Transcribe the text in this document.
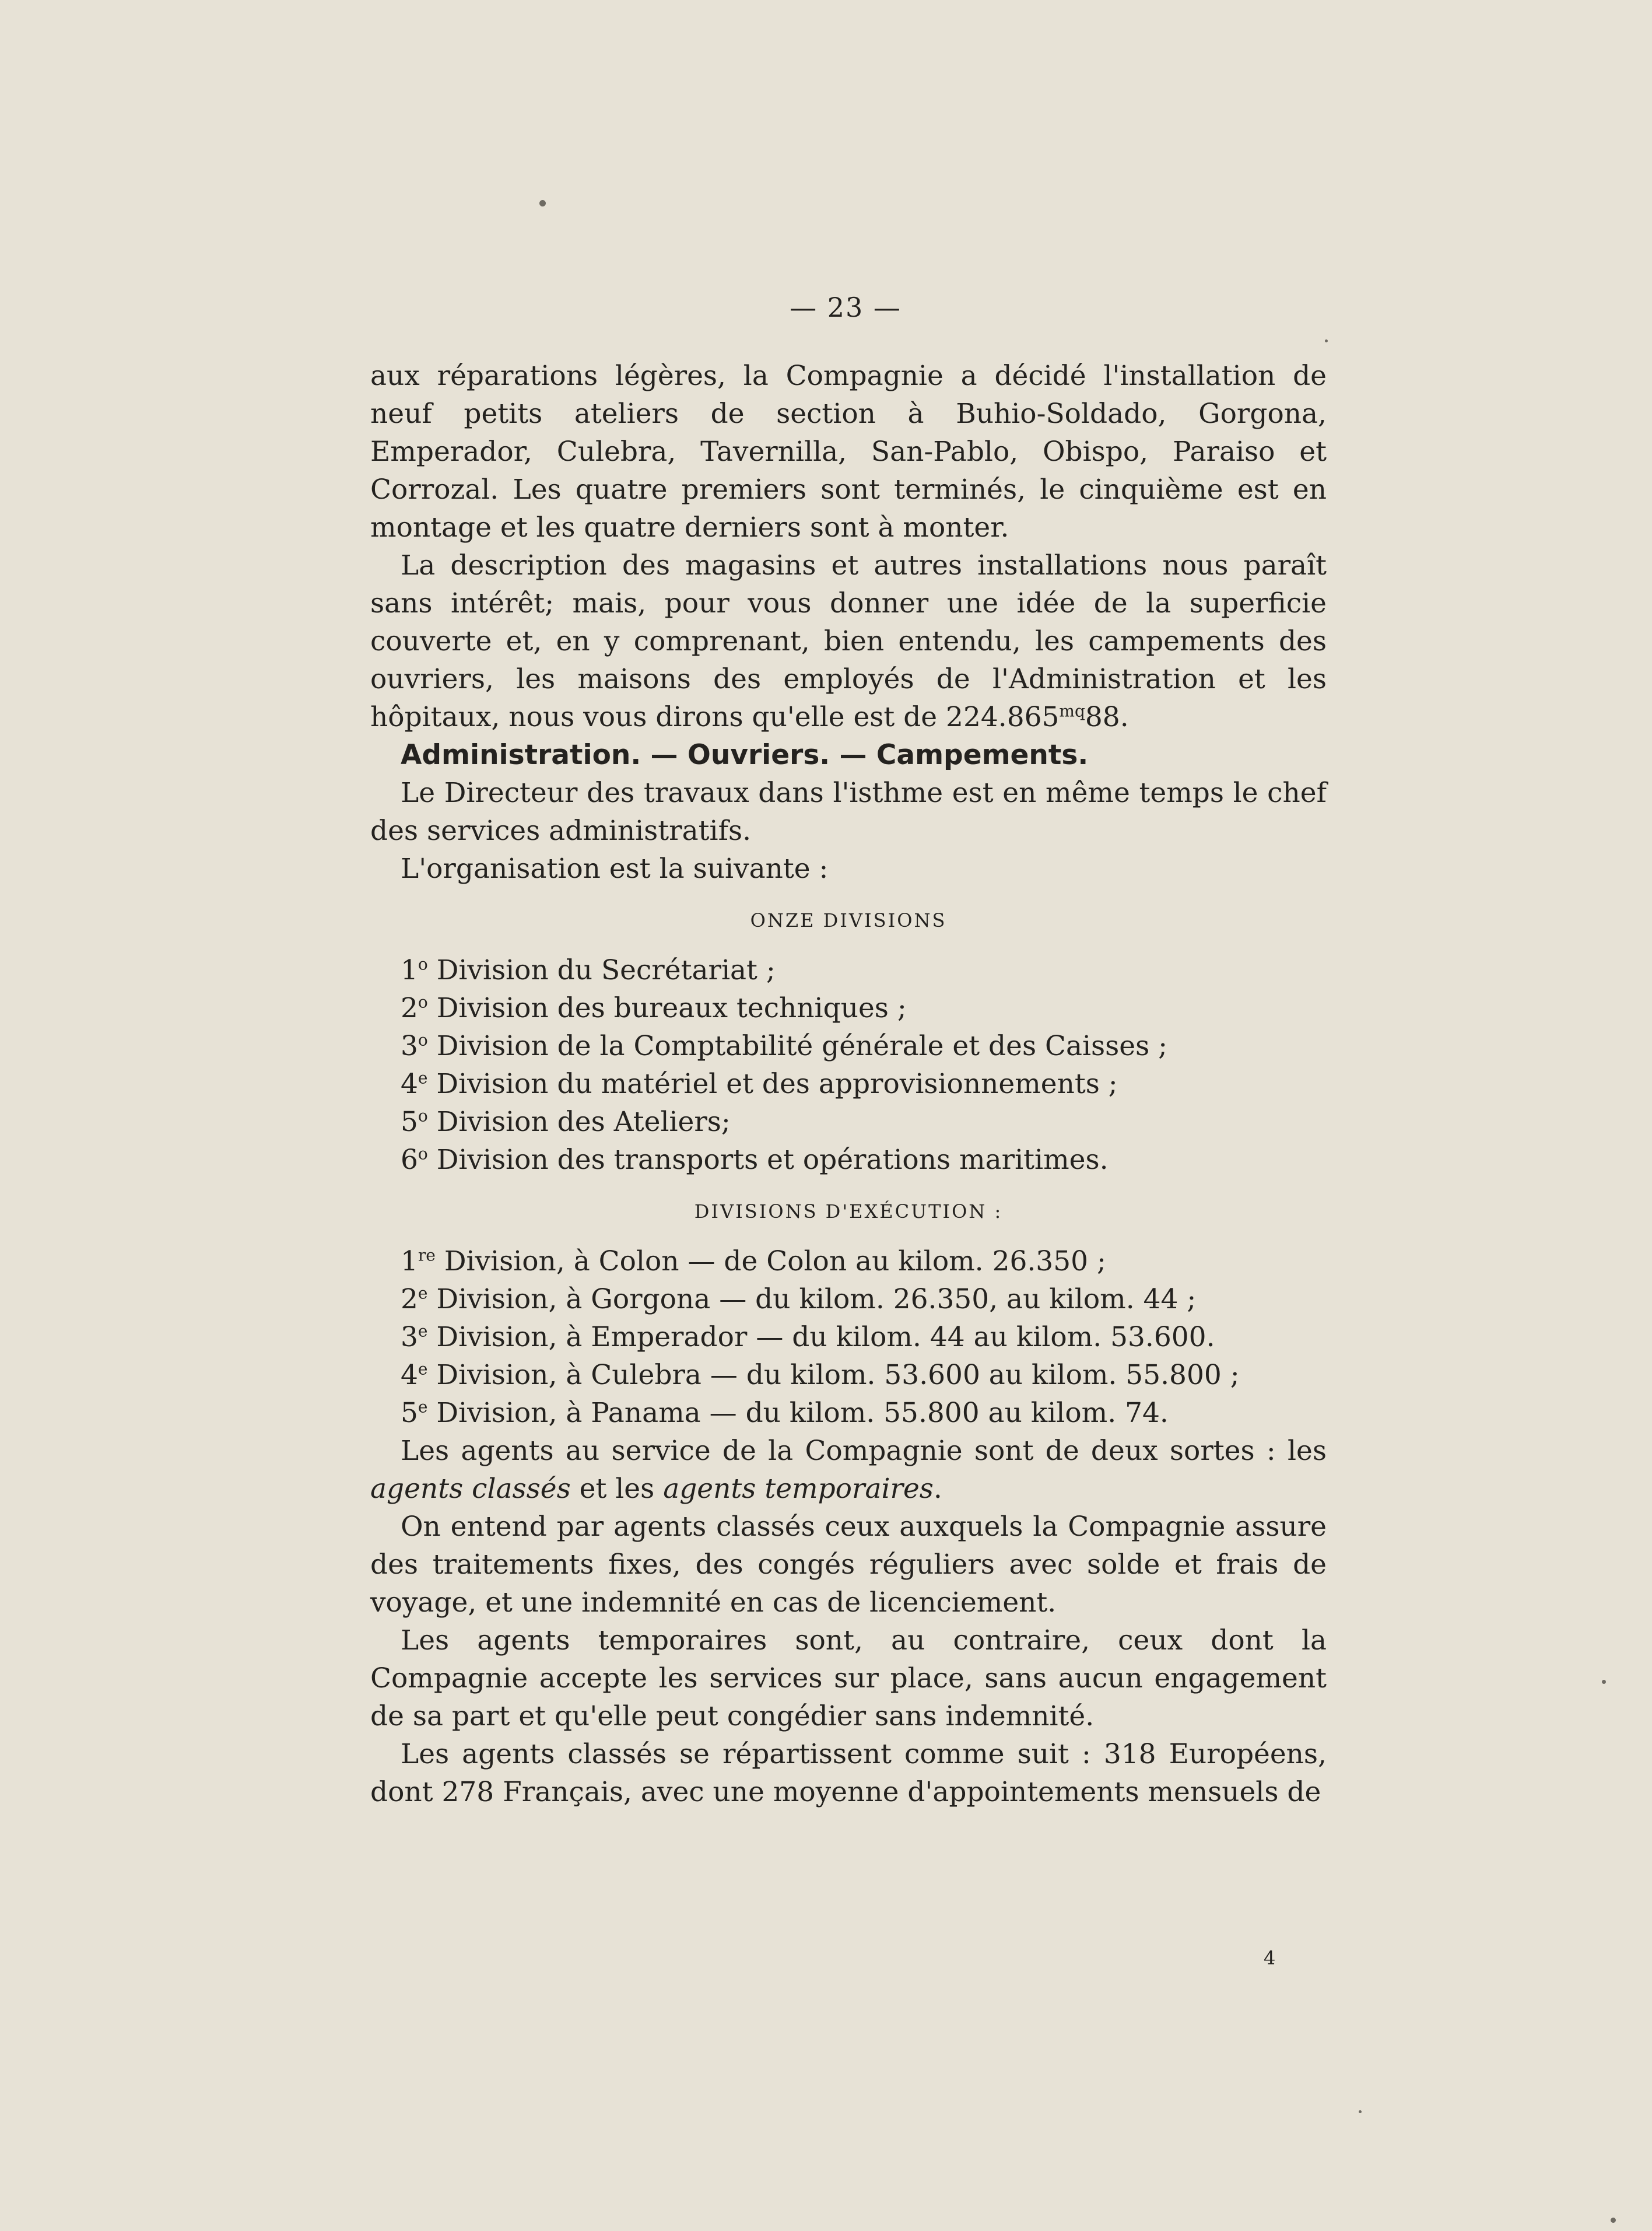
— 23 —

aux réparations légères, la Compagnie a décidé l'installation de neuf petits ateliers de section à Buhio-Soldado, Gorgona, Emperador, Culebra, Tavernilla, San-Pablo, Obispo, Paraiso et Corrozal. Les quatre premiers sont terminés, le cinquième est en montage et les quatre derniers sont à monter.

La description des magasins et autres installations nous paraît sans intérêt; mais, pour vous donner une idée de la superficie couverte et, en y comprenant, bien entendu, les campements des ouvriers, les maisons des employés de l'Administration et les hôpitaux, nous vous dirons qu'elle est de $224.865^{mq}88$.

Administration. — Ouvriers. — Campements.

Le Directeur des travaux dans l'isthme est en même temps le chef des services administratifs.

L'organisation est la suivante :

ONZE DIVISIONS
1$^o$ Division du Secrétariat ;
2$^o$ Division des bureaux techniques ;
3$^o$ Division de la Comptabilité générale et des Caisses ;
4e Division du matériel et des approvisionnements ;
5$^o$ Division des Ateliers;
6$^o$ Division des transports et opérations maritimes.
DIVISIONS D'EXÉCUTION :
1re Division, à Colon — de Colon au kilom. 26.350 ;
2e Division, à Gorgona — du kilom. 26.350, au kilom. 44 ;
3e Division, à Emperador — du kilom. 44 au kilom. 53.600.
4e Division, à Culebra — du kilom. 53.600 au kilom. 55.800 ;
5e Division, à Panama — du kilom. 55.800 au kilom. 74.

Les agents au service de la Compagnie sont de deux sortes : les agents classés et les agents temporaires.

On entend par agents classés ceux auxquels la Compagnie assure des traitements fixes, des congés réguliers avec solde et frais de voyage, et une indemnité en cas de licenciement.

Les agents temporaires sont, au contraire, ceux dont la Compagnie accepte les services sur place, sans aucun engagement de sa part et qu'elle peut congédier sans indemnité.

Les agents classés se répartissent comme suit : 318 Européens, dont 278 Français, avec une moyenne d'appointements mensuels de

4
